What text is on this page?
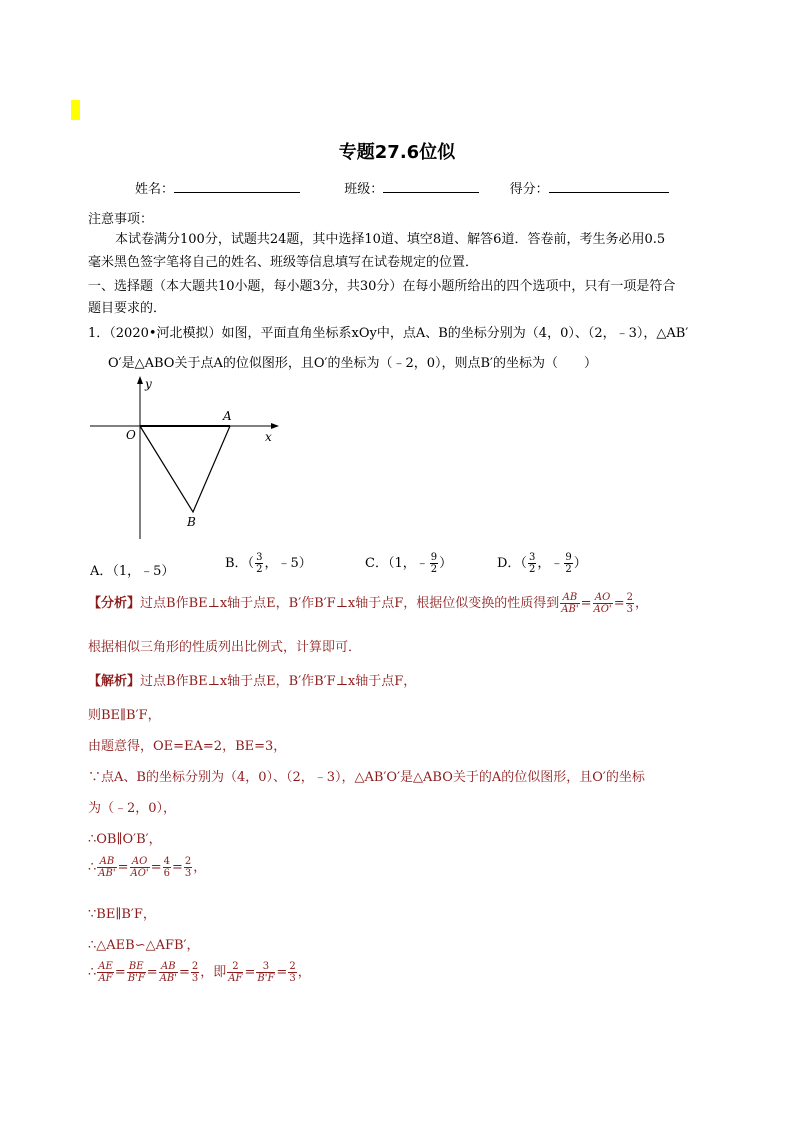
专题27.6位似
姓名：	班级：	得分：
注意事项：
本试卷满分100分，试题共24题，其中选择10道、填空8道、解答6道．答卷前，考生务必用0.5
毫米黑色签字笔将自己的姓名、班级等信息填写在试卷规定的位置．
一、选择题（本大题共10小题，每小题3分，共30分）在每小题所给出的四个选项中，只有一项是符合
题目要求的．
1．（2020•河北模拟）如图，平面直角坐标系xOy中，点A、B的坐标分别为（4，0）、（2，﹣3），△AB′
O′是△ABO关于点A的位似图形，且O′的坐标为（﹣2，0），则点B′的坐标为（　　）
y
x
O
A
B
A．（1，﹣5）
B．（ $\frac{3}{2}$ ，﹣5）	C．（1，﹣ $\frac{9}{2}$ ）	D．（ $\frac{3}{2}$ ，﹣ $\frac{9}{2}$ ）
【分析】过点B作BE⊥x轴于点E，B′作B′F⊥x轴于点F，根据位似变换的性质得到 $\frac{AB}{AB'} = \frac{AO}{AO'} = \frac{2}{3}$ ，
根据相似三角形的性质列出比例式，计算即可．
【解析】过点B作BE⊥x轴于点E，B′作B′F⊥x轴于点F，
则BE∥B′F，
由题意得，OE=EA=2，BE=3，
∵点A、B的坐标分别为（4，0）、（2，﹣3），△AB′O′是△ABO关于的A的位似图形，且O′的坐标
为（﹣2，0），
∴OB∥O′B′，
∴ $\frac{AB}{AB'} = \frac{AO}{AO'} = \frac{4}{6} = \frac{2}{3}$ ，
∵BE∥B′F，
∴△AEB∽△AFB′，
∴ $\frac{AE}{AF} = \frac{BE}{B'F} = \frac{AB}{AB'} = \frac{2}{3}$ ，即 $\frac{2}{AF} = \frac{3}{B'F} = \frac{2}{3}$ ，
